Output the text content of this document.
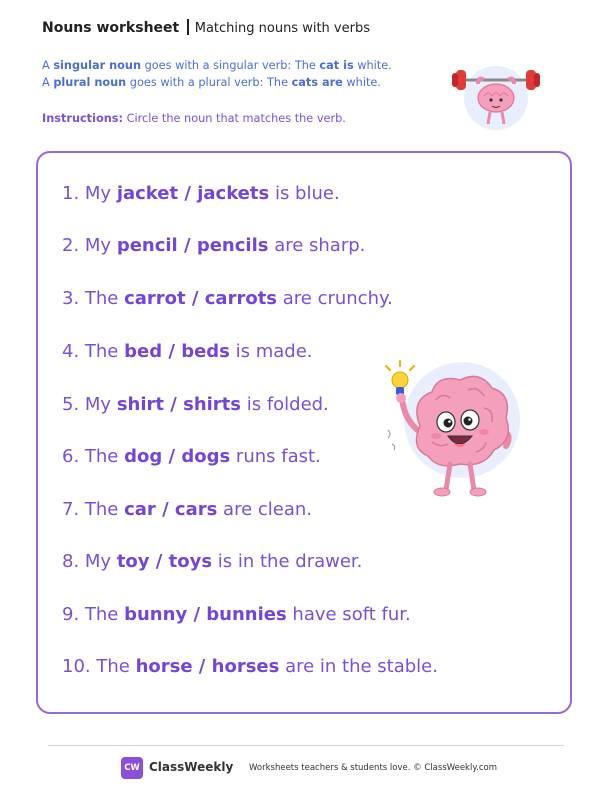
Nouns worksheet Matching nouns with verbs
A singular noun goes with a singular verb: The cat is white.
A plural noun goes with a plural verb: The cats are white.
Instructions: Circle the noun that matches the verb.
1. My jacket / jackets is blue.
2. My pencil / pencils are sharp.
3. The carrot / carrots are crunchy.
4. The bed / beds is made.
5. My shirt / shirts is folded.
6. The dog / dogs runs fast.
7. The car / cars are clean.
8. My toy / toys is in the drawer.
9. The bunny / bunnies have soft fur.
10. The horse / horses are in the stable.
CW ClassWeekly Worksheets teachers & students love. © ClassWeekly.com
